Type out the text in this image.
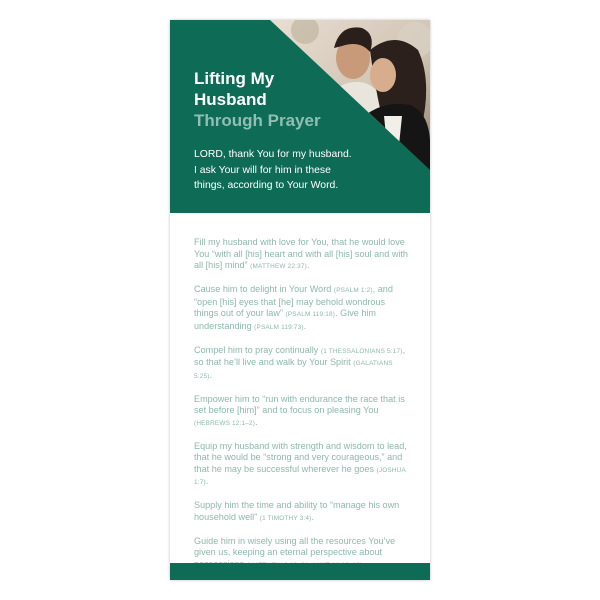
Lifting My
Husband
Through Prayer
LORD, thank You for my husband.
I ask Your will for him in these
things, according to Your Word.

Fill my husband with love for You, that he would love You “with all [his] heart and with all [his] soul and with all [his] mind” (MATTHEW 22:37).

Cause him to delight in Your Word (PSALM 1:2), and “open [his] eyes that [he] may behold wondrous things out of your law” (PSALM 119:18). Give him understanding (PSALM 119:73).

Compel him to pray continually (1 THESSALONIANS 5:17), so that he’ll live and walk by Your Spirit (GALATIANS 5:25).

Empower him to “run with endurance the race that is set before [him]” and to focus on pleasing You (HEBREWS 12:1–2).

Equip my husband with strength and wisdom to lead, that he would be “strong and very courageous,” and that he may be successful wherever he goes (JOSHUA 1:7).

Supply him the time and ability to “manage his own household well” (1 TIMOTHY 3:4).

Guide him in wisely using all the resources You’ve given us, keeping an eternal perspective about
